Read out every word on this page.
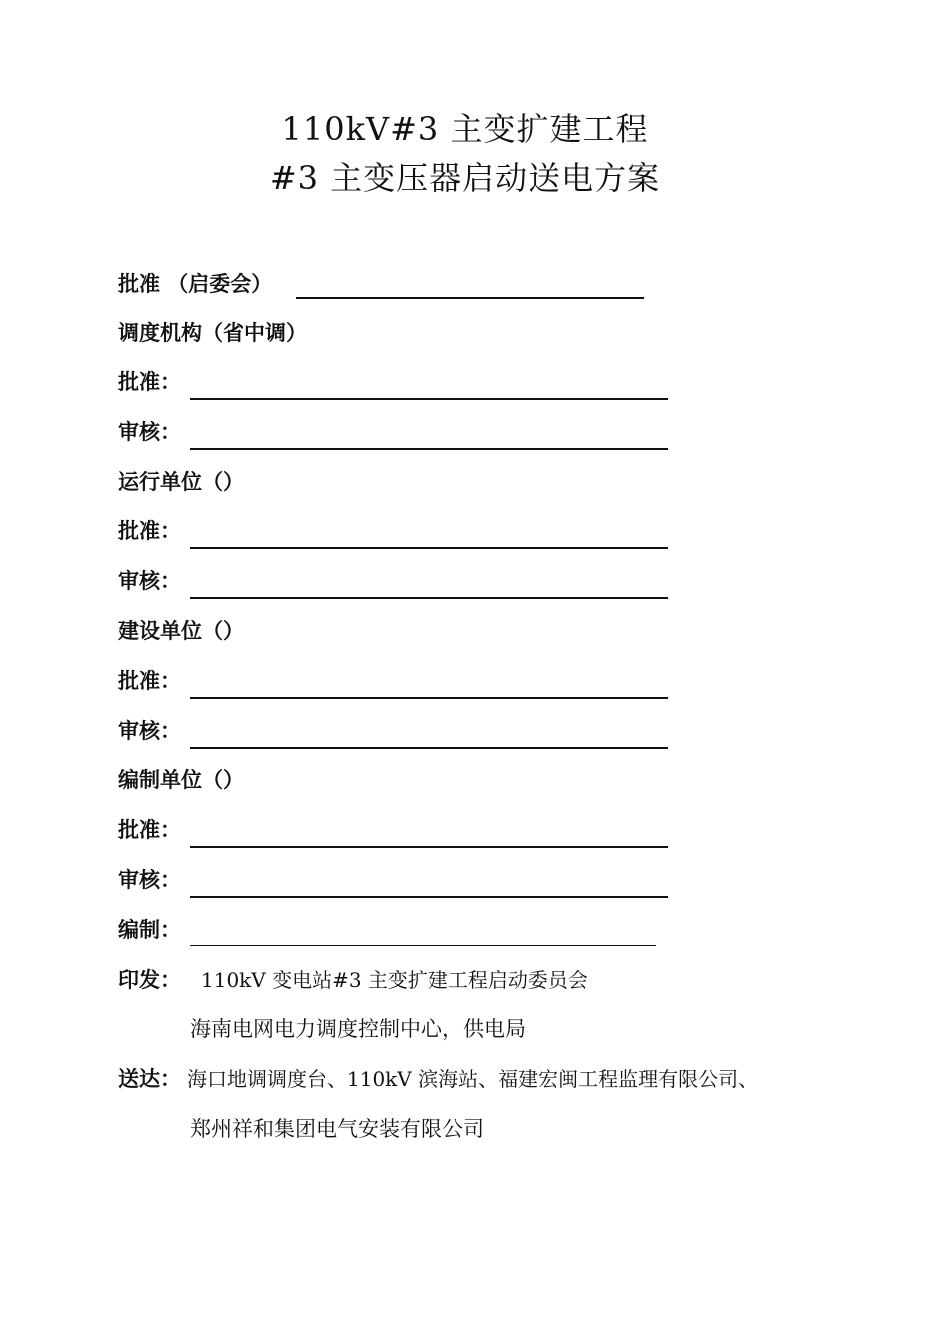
110kV#3 主变扩建工程
#3 主变压器启动送电方案
批准 （启委会）
调度机构（省中调）
批准：
审核：
运行单位（）
批准：
审核：
建设单位（）
批准：
审核：
编制单位（）
批准：
审核：
编制：
印发： 110kV 变电站#3 主变扩建工程启动委员会
海南电网电力调度控制中心，供电局
送达： 海口地调调度台、110kV 滨海站、福建宏闽工程监理有限公司、
郑州祥和集团电气安装有限公司
